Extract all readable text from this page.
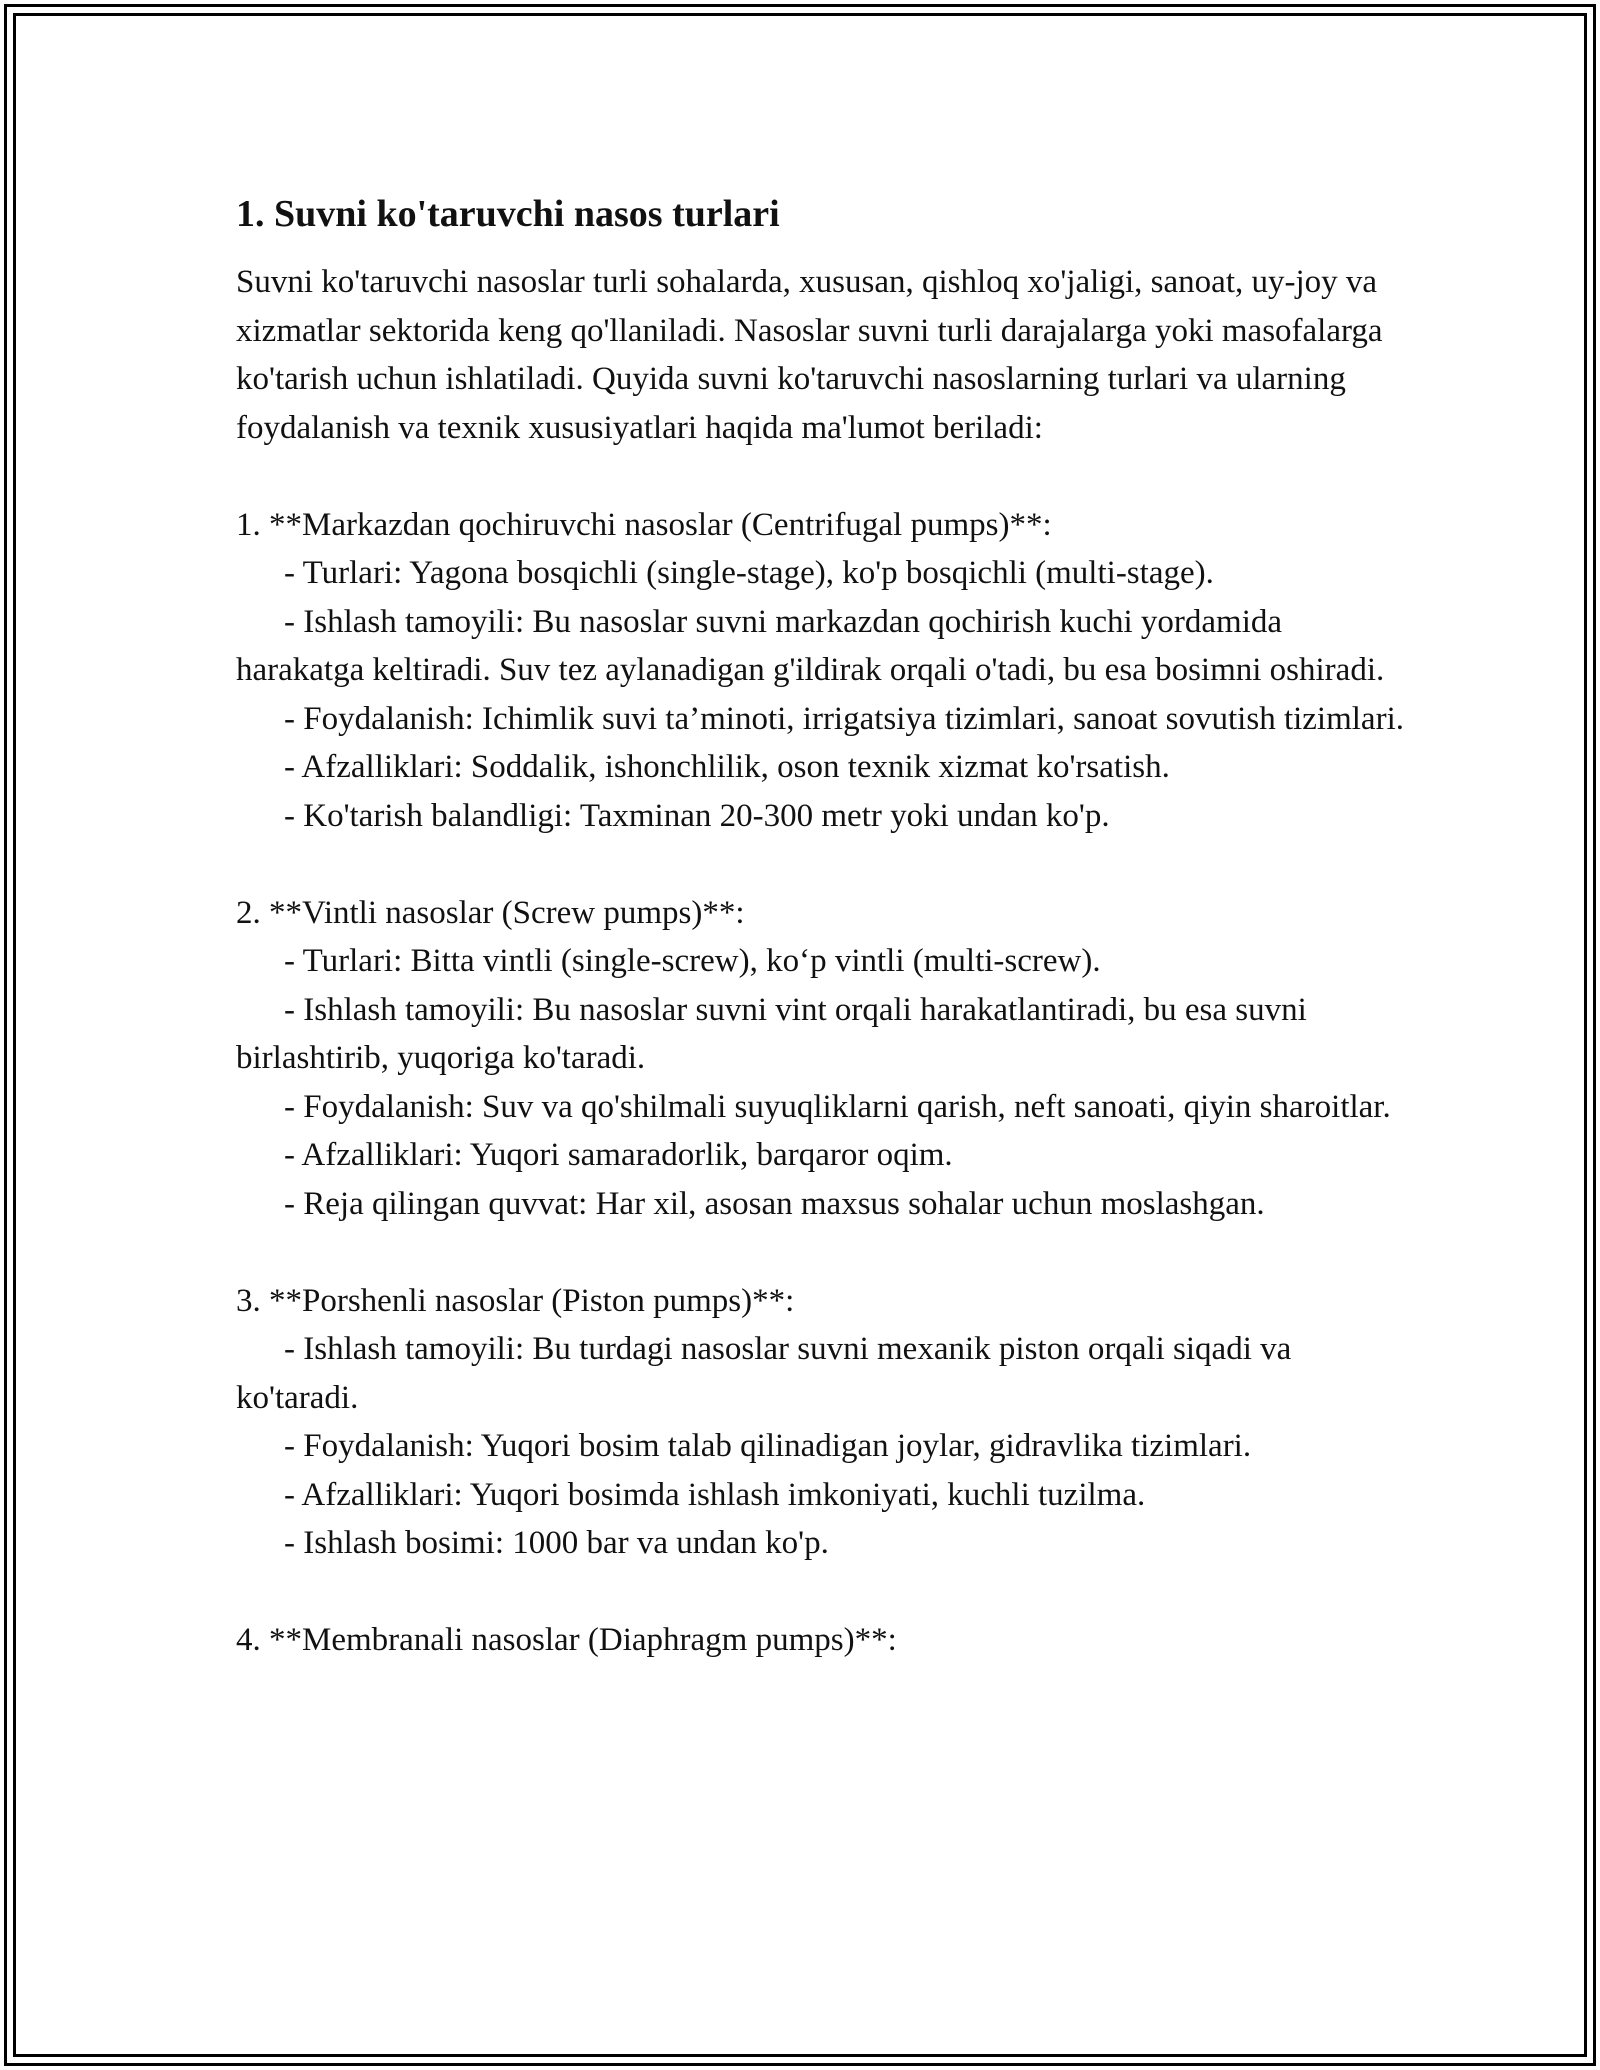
1. Suvni ko'taruvchi nasos turlari

Suvni ko'taruvchi nasoslar turli sohalarda, xususan, qishloq xo'jaligi, sanoat, uy-joy va xizmatlar sektorida keng qo'llaniladi. Nasoslar suvni turli darajalarga yoki masofalarga ko'tarish uchun ishlatiladi. Quyida suvni ko'taruvchi nasoslarning turlari va ularning foydalanish va texnik xususiyatlari haqida ma'lumot beriladi:

1. **Markazdan qochiruvchi nasoslar (Centrifugal pumps)**:

- Turlari: Yagona bosqichli (single-stage), ko'p bosqichli (multi-stage).

- Ishlash tamoyili: Bu nasoslar suvni markazdan qochirish kuchi yordamida harakatga keltiradi. Suv tez aylanadigan g'ildirak orqali o'tadi, bu esa bosimni oshiradi.

- Foydalanish: Ichimlik suvi ta’minoti, irrigatsiya tizimlari, sanoat sovutish tizimlari.

- Afzalliklari: Soddalik, ishonchlilik, oson texnik xizmat ko'rsatish.

- Ko'tarish balandligi: Taxminan 20-300 metr yoki undan ko'p.

2. **Vintli nasoslar (Screw pumps)**:

- Turlari: Bitta vintli (single-screw), ko‘p vintli (multi-screw).

- Ishlash tamoyili: Bu nasoslar suvni vint orqali harakatlantiradi, bu esa suvni birlashtirib, yuqoriga ko'taradi.

- Foydalanish: Suv va qo'shilmali suyuqliklarni qarish, neft sanoati, qiyin sharoitlar.

- Afzalliklari: Yuqori samaradorlik, barqaror oqim.

- Reja qilingan quvvat: Har xil, asosan maxsus sohalar uchun moslashgan.

3. **Porshenli nasoslar (Piston pumps)**:

- Ishlash tamoyili: Bu turdagi nasoslar suvni mexanik piston orqali siqadi va ko'taradi.

- Foydalanish: Yuqori bosim talab qilinadigan joylar, gidravlika tizimlari.

- Afzalliklari: Yuqori bosimda ishlash imkoniyati, kuchli tuzilma.

- Ishlash bosimi: 1000 bar va undan ko'p.

4. **Membranali nasoslar (Diaphragm pumps)**:
